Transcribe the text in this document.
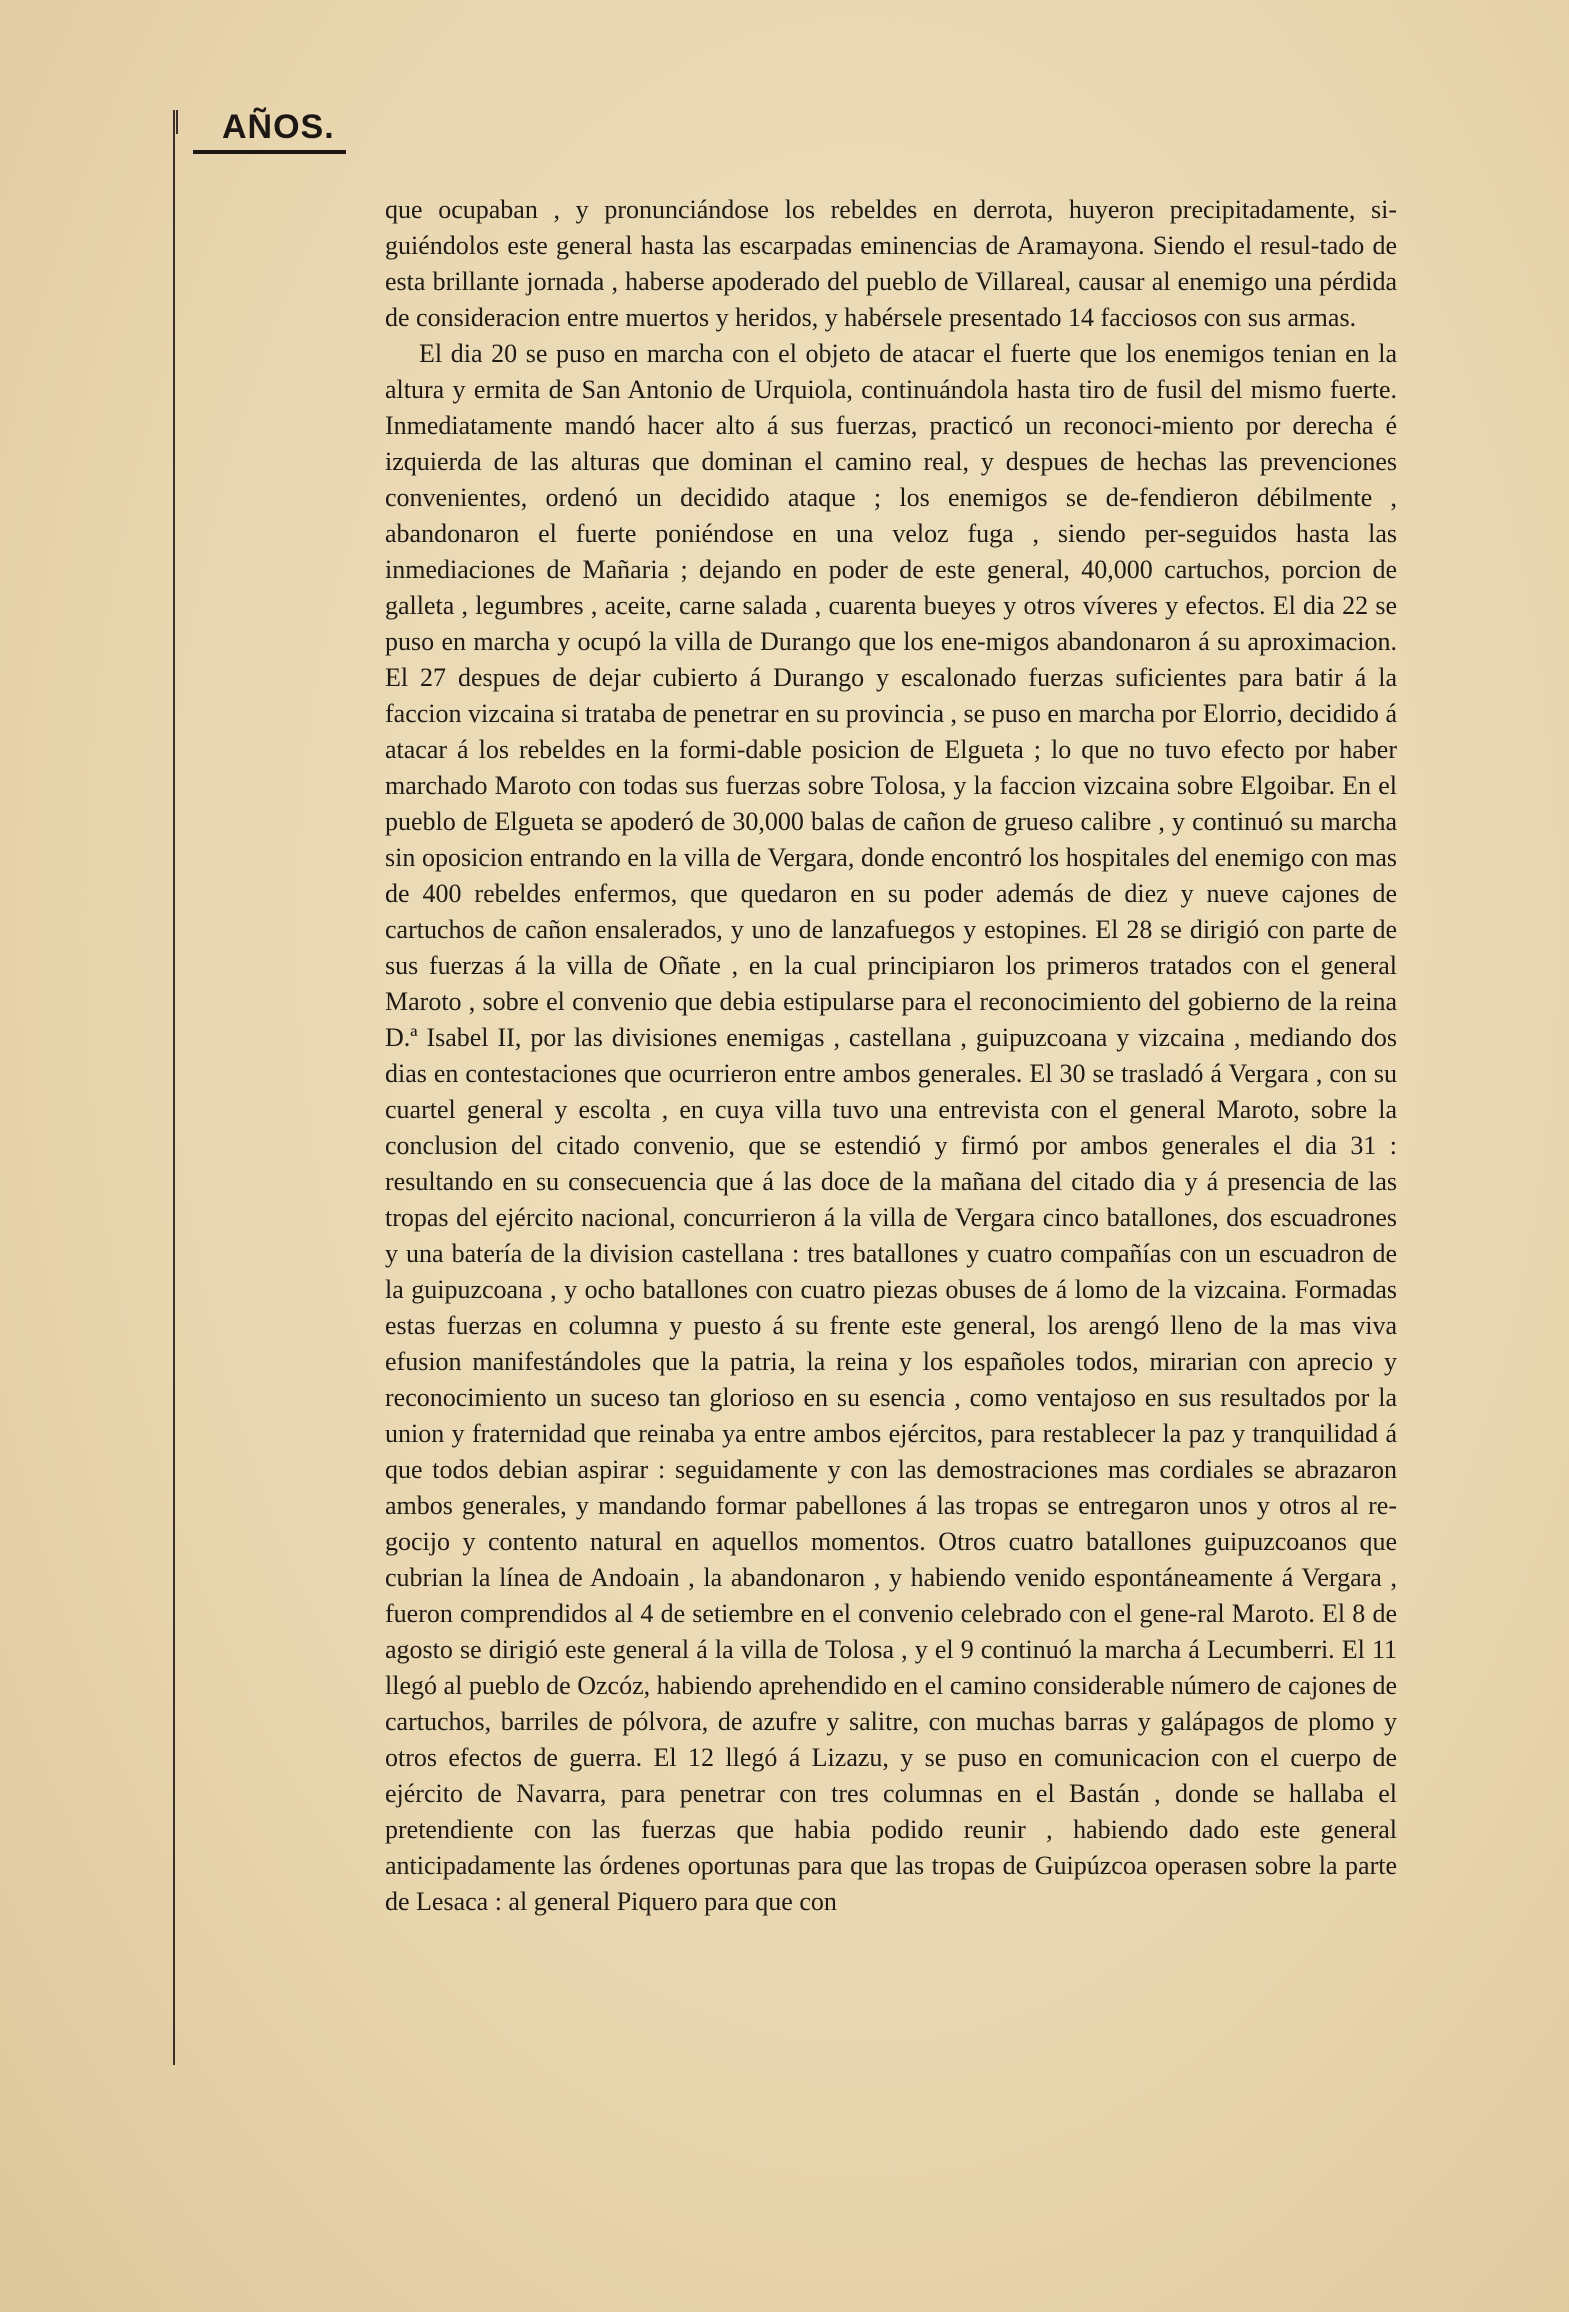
AÑOS.

que ocupaban , y pronunciándose los rebeldes en derrota, huyeron precipitadamente, si-guiéndolos este general hasta las escarpadas eminencias de Aramayona. Siendo el resul-tado de esta brillante jornada , haberse apoderado del pueblo de Villareal, causar al enemigo una pérdida de consideracion entre muertos y heridos, y habérsele presentado 14 facciosos con sus armas.

El dia 20 se puso en marcha con el objeto de atacar el fuerte que los enemigos tenian en la altura y ermita de San Antonio de Urquiola, continuándola hasta tiro de fusil del mismo fuerte. Inmediatamente mandó hacer alto á sus fuerzas, practicó un reconoci-miento por derecha é izquierda de las alturas que dominan el camino real, y despues de hechas las prevenciones convenientes, ordenó un decidido ataque ; los enemigos se de-fendieron débilmente , abandonaron el fuerte poniéndose en una veloz fuga , siendo per-seguidos hasta las inmediaciones de Mañaria ; dejando en poder de este general, 40,000 cartuchos, porcion de galleta , legumbres , aceite, carne salada , cuarenta bueyes y otros víveres y efectos. El dia 22 se puso en marcha y ocupó la villa de Durango que los ene-migos abandonaron á su aproximacion. El 27 despues de dejar cubierto á Durango y escalonado fuerzas suficientes para batir á la faccion vizcaina si trataba de penetrar en su provincia , se puso en marcha por Elorrio, decidido á atacar á los rebeldes en la formi-dable posicion de Elgueta ; lo que no tuvo efecto por haber marchado Maroto con todas sus fuerzas sobre Tolosa, y la faccion vizcaina sobre Elgoibar. En el pueblo de Elgueta se apoderó de 30,000 balas de cañon de grueso calibre , y continuó su marcha sin oposicion entrando en la villa de Vergara, donde encontró los hospitales del enemigo con mas de 400 rebeldes enfermos, que quedaron en su poder además de diez y nueve cajones de cartuchos de cañon ensalerados, y uno de lanzafuegos y estopines. El 28 se dirigió con parte de sus fuerzas á la villa de Oñate , en la cual principiaron los primeros tratados con el general Maroto , sobre el convenio que debia estipularse para el reconocimiento del gobierno de la reina D.ª Isabel II, por las divisiones enemigas , castellana , guipuzcoana y vizcaina , mediando dos dias en contestaciones que ocurrieron entre ambos generales. El 30 se trasladó á Vergara , con su cuartel general y escolta , en cuya villa tuvo una entrevista con el general Maroto, sobre la conclusion del citado convenio, que se estendió y firmó por ambos generales el dia 31 : resultando en su consecuencia que á las doce de la mañana del citado dia y á presencia de las tropas del ejército nacional, concurrieron á la villa de Vergara cinco batallones, dos escuadrones y una batería de la division castellana : tres batallones y cuatro compañías con un escuadron de la guipuzcoana , y ocho batallones con cuatro piezas obuses de á lomo de la vizcaina. Formadas estas fuerzas en columna y puesto á su frente este general, los arengó lleno de la mas viva efusion manifestándoles que la patria, la reina y los españoles todos, mirarian con aprecio y reconocimiento un suceso tan glorioso en su esencia , como ventajoso en sus resultados por la union y fraternidad que reinaba ya entre ambos ejércitos, para restablecer la paz y tranquilidad á que todos debian aspirar : seguidamente y con las demostraciones mas cordiales se abrazaron ambos generales, y mandando formar pabellones á las tropas se entregaron unos y otros al re-gocijo y contento natural en aquellos momentos. Otros cuatro batallones guipuzcoanos que cubrian la línea de Andoain , la abandonaron , y habiendo venido espontáneamente á Vergara , fueron comprendidos al 4 de setiembre en el convenio celebrado con el gene-ral Maroto. El 8 de agosto se dirigió este general á la villa de Tolosa , y el 9 continuó la marcha á Lecumberri. El 11 llegó al pueblo de Ozcóz, habiendo aprehendido en el camino considerable número de cajones de cartuchos, barriles de pólvora, de azufre y salitre, con muchas barras y galápagos de plomo y otros efectos de guerra. El 12 llegó á Lizazu, y se puso en comunicacion con el cuerpo de ejército de Navarra, para penetrar con tres columnas en el Bastán , donde se hallaba el pretendiente con las fuerzas que habia podido reunir , habiendo dado este general anticipadamente las órdenes oportunas para que las tropas de Guipúzcoa operasen sobre la parte de Lesaca : al general Piquero para que con
